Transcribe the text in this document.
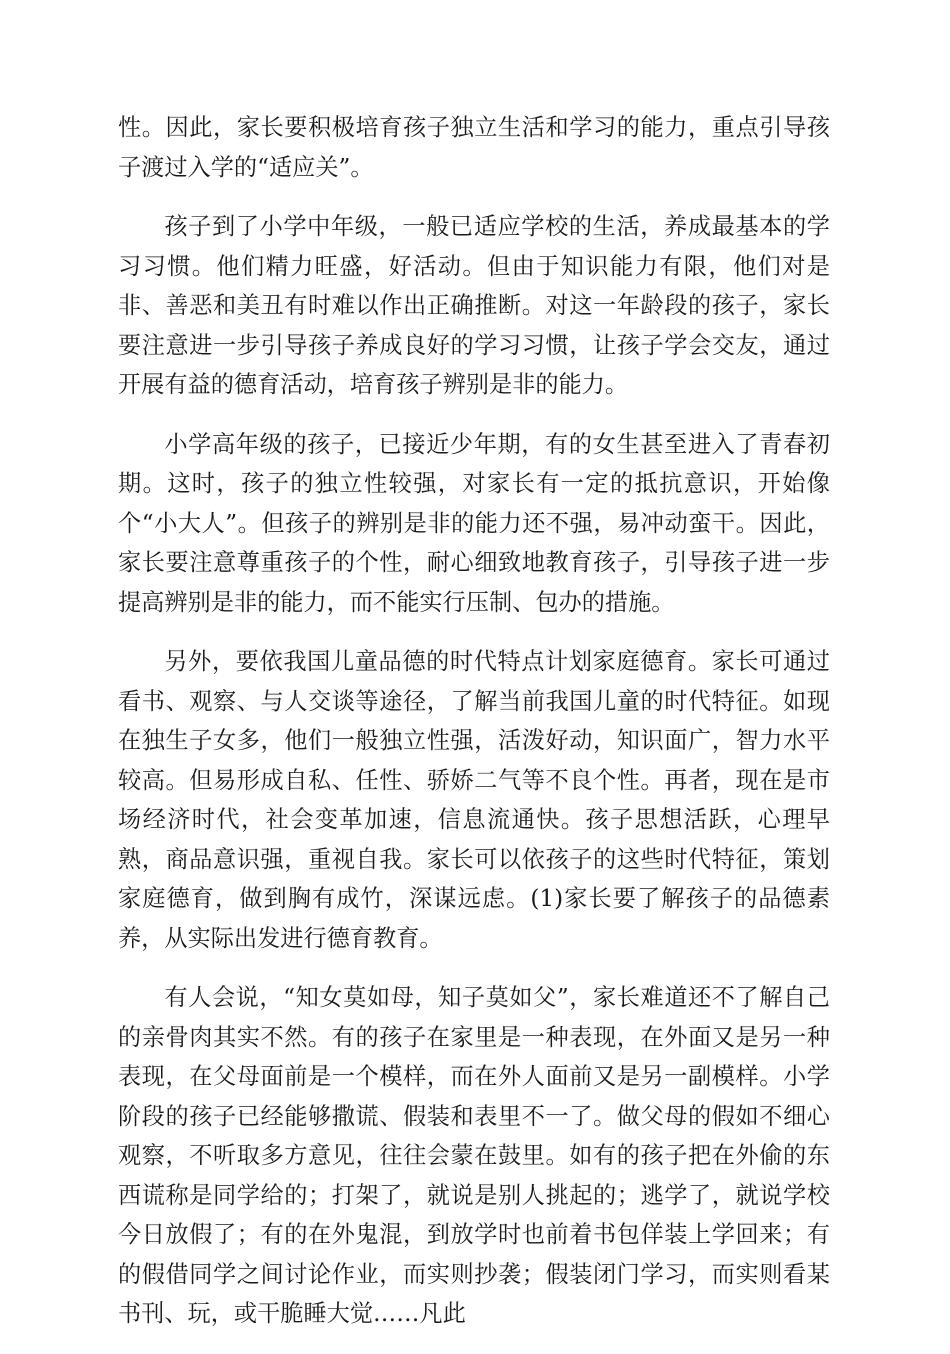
性。因此，家长要积极培育孩子独立生活和学习的能力，重点引导孩子渡过入学的“适应关”。

孩子到了小学中年级，一般已适应学校的生活，养成最基本的学习习惯。他们精力旺盛，好活动。但由于知识能力有限，他们对是非、善恶和美丑有时难以作出正确推断。对这一年龄段的孩子，家长要注意进一步引导孩子养成良好的学习习惯，让孩子学会交友，通过开展有益的德育活动，培育孩子辨别是非的能力。

小学高年级的孩子，已接近少年期，有的女生甚至进入了青春初期。这时，孩子的独立性较强，对家长有一定的抵抗意识，开始像个“小大人”。但孩子的辨别是非的能力还不强，易冲动蛮干。因此，家长要注意尊重孩子的个性，耐心细致地教育孩子，引导孩子进一步提高辨别是非的能力，而不能实行压制、包办的措施。

另外，要依我国儿童品德的时代特点计划家庭德育。家长可通过看书、观察、与人交谈等途径，了解当前我国儿童的时代特征。如现在独生子女多，他们一般独立性强，活泼好动，知识面广，智力水平较高。但易形成自私、任性、骄娇二气等不良个性。再者，现在是市场经济时代，社会变革加速，信息流通快。孩子思想活跃，心理早熟，商品意识强，重视自我。家长可以依孩子的这些时代特征，策划家庭德育，做到胸有成竹，深谋远虑。(1)家长要了解孩子的品德素养，从实际出发进行德育教育。

有人会说，“知女莫如母，知子莫如父”，家长难道还不了解自己的亲骨肉其实不然。有的孩子在家里是一种表现，在外面又是另一种表现，在父母面前是一个模样，而在外人面前又是另一副模样。小学阶段的孩子已经能够撒谎、假装和表里不一了。做父母的假如不细心观察，不听取多方意见，往往会蒙在鼓里。如有的孩子把在外偷的东西谎称是同学给的；打架了，就说是别人挑起的；逃学了，就说学校今日放假了；有的在外鬼混，到放学时也前着书包佯装上学回来；有的假借同学之间讨论作业，而实则抄袭；假装闭门学习，而实则看某书刊、玩，或干脆睡大觉……凡此
